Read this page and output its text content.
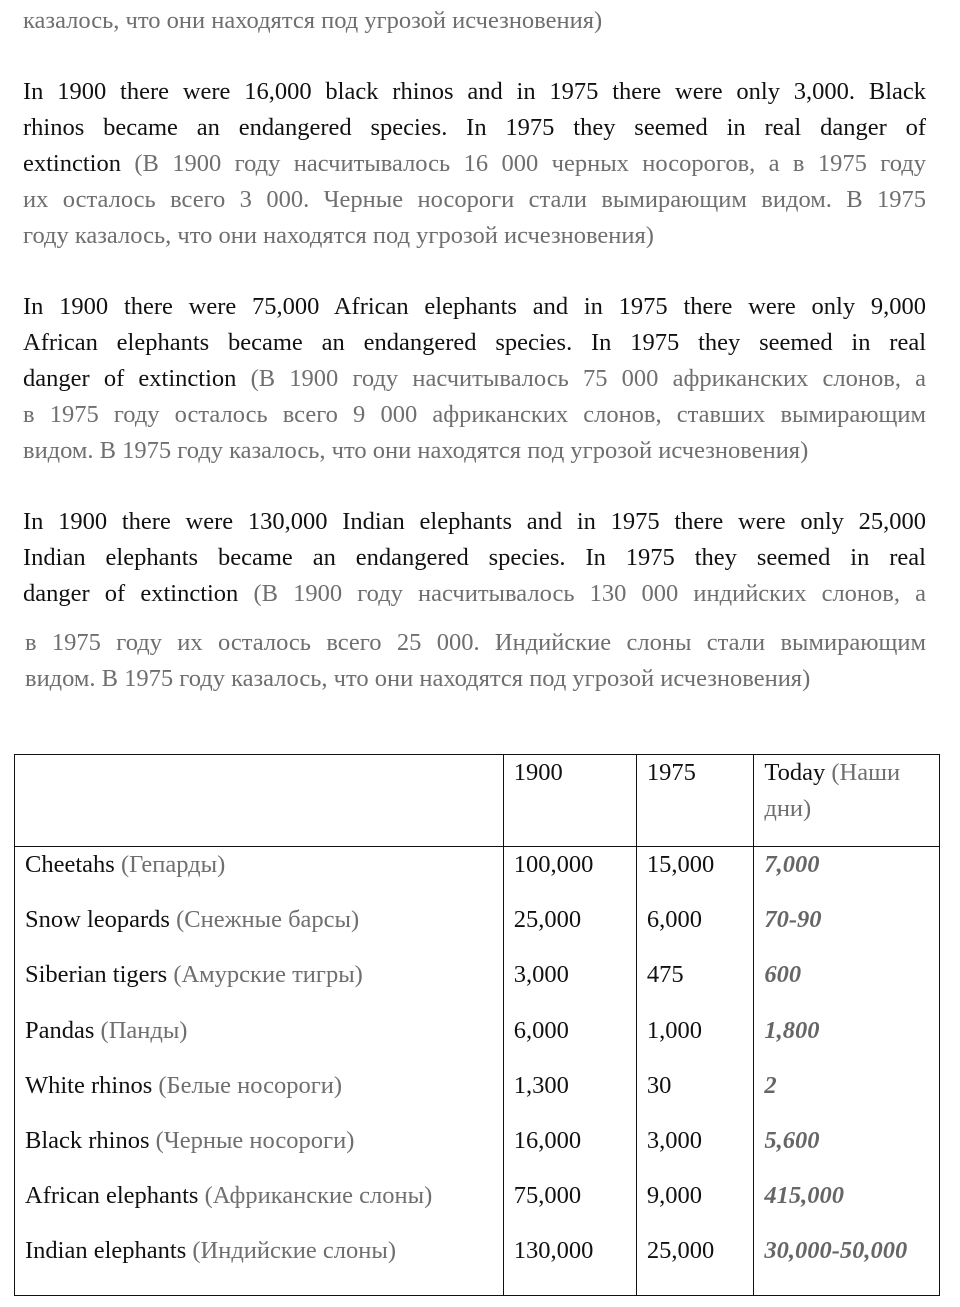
казалось, что они находятся под угрозой исчезновения)
In 1900 there were 16,000 black rhinos and in 1975 there were only 3,000. Black
rhinos became an endangered species. In 1975 they seemed in real danger of
extinction (В 1900 году насчитывалось 16 000 черных носорогов, а в 1975 году
их осталось всего 3 000. Черные носороги стали вымирающим видом. В 1975
году казалось, что они находятся под угрозой исчезновения)
In 1900 there were 75,000 African elephants and in 1975 there were only 9,000
African elephants became an endangered species. In 1975 they seemed in real
danger of extinction (В 1900 году насчитывалось 75 000 африканских слонов, а
в 1975 году осталось всего 9 000 африканских слонов, ставших вымирающим
видом. В 1975 году казалось, что они находятся под угрозой исчезновения)
In 1900 there were 130,000 Indian elephants and in 1975 there were only 25,000
Indian elephants became an endangered species. In 1975 they seemed in real
danger of extinction (В 1900 году насчитывалось 130 000 индийских слонов, а
в 1975 году их осталось всего 25 000. Индийские слоны стали вымирающим
видом. В 1975 году казалось, что они находятся под угрозой исчезновения)
	1900	1975	Today (Наши дни)
Cheetahs (Гепарды)	100,000	15,000	7,000
Snow leopards (Снежные барсы)	25,000	6,000	70-90
Siberian tigers (Амурские тигры)	3,000	475	600
Pandas (Панды)	6,000	1,000	1,800
White rhinos (Белые носороги)	1,300	30	2
Black rhinos (Черные носороги)	16,000	3,000	5,600
African elephants (Африканские слоны)	75,000	9,000	415,000
Indian elephants (Индийские слоны)	130,000	25,000	30,000-50,000
